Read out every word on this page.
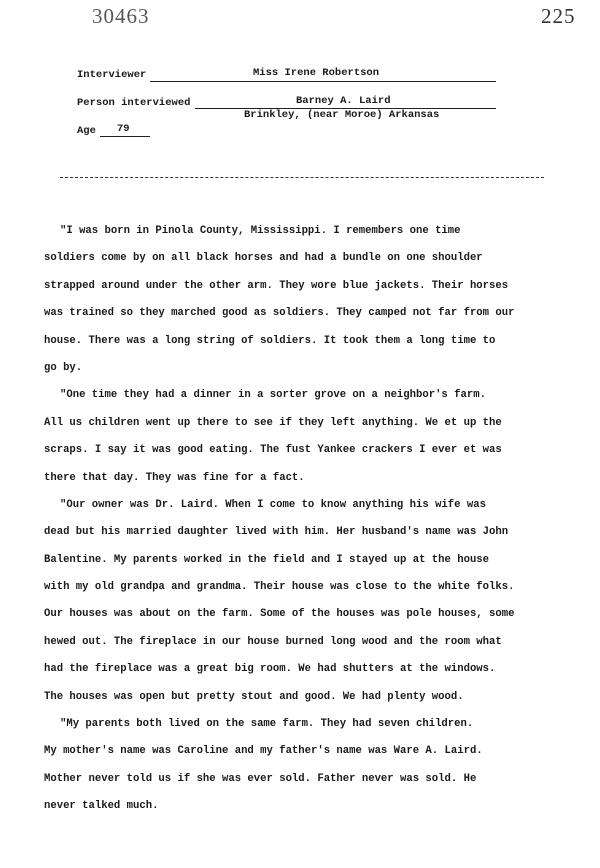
30463	225
Interviewer	Miss Irene Robertson
Person interviewed	Barney A. Laird
Brinkley, (near Moroe) Arkansas
Age 79
"I was born in Pinola County, Mississippi. I remembers one time
soldiers come by on all black horses and had a bundle on one shoulder
strapped around under the other arm. They wore blue jackets. Their horses
was trained so they marched good as soldiers. They camped not far from our
house. There was a long string of soldiers. It took them a long time to
go by.
"One time they had a dinner in a sorter grove on a neighbor's farm.
All us children went up there to see if they left anything. We et up the
scraps. I say it was good eating. The fust Yankee crackers I ever et was
there that day. They was fine for a fact.
"Our owner was Dr. Laird. When I come to know anything his wife was
dead but his married daughter lived with him. Her husband's name was John
Balentine. My parents worked in the field and I stayed up at the house
with my old grandpa and grandma. Their house was close to the white folks.
Our houses was about on the farm. Some of the houses was pole houses, some
hewed out. The fireplace in our house burned long wood and the room what
had the fireplace was a great big room. We had shutters at the windows.
The houses was open but pretty stout and good. We had plenty wood.
"My parents both lived on the same farm. They had seven children.
My mother's name was Caroline and my father's name was Ware A. Laird.
Mother never told us if she was ever sold. Father never was sold. He
never talked much.
